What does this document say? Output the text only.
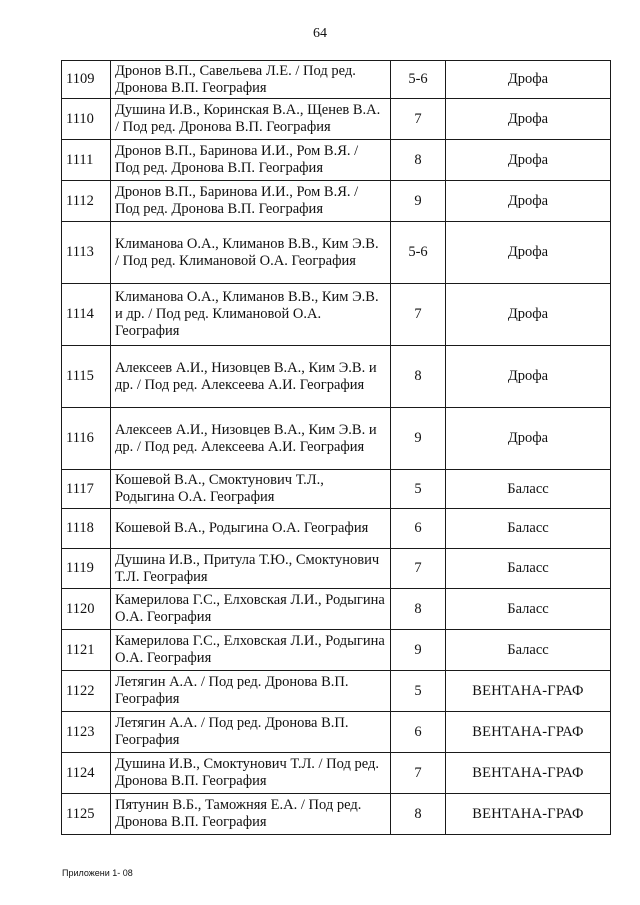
64
1109	Дронов В.П., Савельева Л.Е. / Под ред. Дронова В.П. География	5-6	Дрофа
1110	Душина И.В., Коринская В.А., Щенев В.А. / Под ред. Дронова В.П. География	7	Дрофа
1111	Дронов В.П., Баринова И.И., Ром В.Я. / Под ред. Дронова В.П. География	8	Дрофа
1112	Дронов В.П., Баринова И.И., Ром В.Я. / Под ред. Дронова В.П. География	9	Дрофа
1113	Климанова О.А., Климанов В.В., Ким Э.В. / Под ред. Климановой О.А. География	5-6	Дрофа
1114	Климанова О.А., Климанов В.В., Ким Э.В. и др. / Под ред. Климановой О.А. География	7	Дрофа
1115	Алексеев А.И., Низовцев В.А., Ким Э.В. и др. / Под ред. Алексеева А.И. География	8	Дрофа
1116	Алексеев А.И., Низовцев В.А., Ким Э.В. и др. / Под ред. Алексеева А.И. География	9	Дрофа
1117	Кошевой В.А., Смоктунович Т.Л., Родыгина О.А. География	5	Баласс
1118	Кошевой В.А., Родыгина О.А. География	6	Баласс
1119	Душина И.В., Притула Т.Ю., Смоктунович Т.Л. География	7	Баласс
1120	Камерилова Г.С., Елховская Л.И., Родыгина О.А. География	8	Баласс
1121	Камерилова Г.С., Елховская Л.И., Родыгина О.А. География	9	Баласс
1122	Летягин А.А. / Под ред. Дронова В.П. География	5	ВЕНТАНА-ГРАФ
1123	Летягин А.А. / Под ред. Дронова В.П. География	6	ВЕНТАНА-ГРАФ
1124	Душина И.В., Смоктунович Т.Л. / Под ред. Дронова В.П. География	7	ВЕНТАНА-ГРАФ
1125	Пятунин В.Б., Таможняя Е.А. / Под ред. Дронова В.П. География	8	ВЕНТАНА-ГРАФ
Приложени 1- 08
